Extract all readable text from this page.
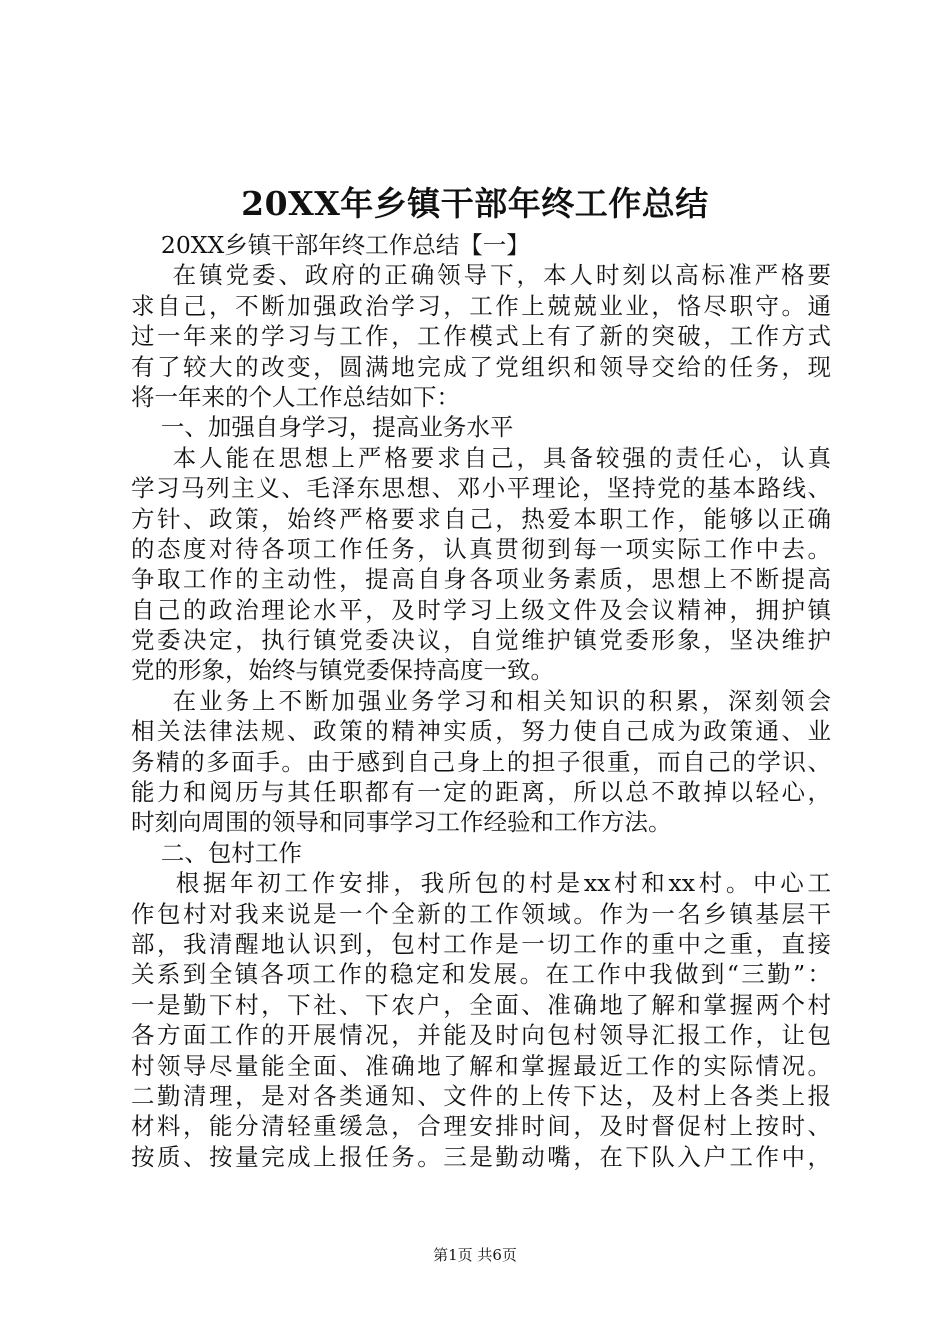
20XX年乡镇干部年终工作总结
20XX乡镇干部年终工作总结【一】
在镇党委、政府的正确领导下，本人时刻以高标准严格要
求自己，不断加强政治学习，工作上兢兢业业，恪尽职守。通
过一年来的学习与工作，工作模式上有了新的突破，工作方式
有了较大的改变，圆满地完成了党组织和领导交给的任务，现
将一年来的个人工作总结如下：
一、加强自身学习，提高业务水平
本人能在思想上严格要求自己，具备较强的责任心，认真
学习马列主义、毛泽东思想、邓小平理论，坚持党的基本路线、
方针、政策，始终严格要求自己，热爱本职工作，能够以正确
的态度对待各项工作任务，认真贯彻到每一项实际工作中去。
争取工作的主动性，提高自身各项业务素质，思想上不断提高
自己的政治理论水平，及时学习上级文件及会议精神，拥护镇
党委决定，执行镇党委决议，自觉维护镇党委形象，坚决维护
党的形象，始终与镇党委保持高度一致。
在业务上不断加强业务学习和相关知识的积累，深刻领会
相关法律法规、政策的精神实质，努力使自己成为政策通、业
务精的多面手。由于感到自己身上的担子很重，而自己的学识、
能力和阅历与其任职都有一定的距离，所以总不敢掉以轻心，
时刻向周围的领导和同事学习工作经验和工作方法。
二、包村工作
根据年初工作安排，我所包的村是xx村和xx村。中心工
作包村对我来说是一个全新的工作领域。作为一名乡镇基层干
部，我清醒地认识到，包村工作是一切工作的重中之重，直接
关系到全镇各项工作的稳定和发展。在工作中我做到“三勤”：
一是勤下村，下社、下农户，全面、准确地了解和掌握两个村
各方面工作的开展情况，并能及时向包村领导汇报工作，让包
村领导尽量能全面、准确地了解和掌握最近工作的实际情况。
二勤清理，是对各类通知、文件的上传下达，及村上各类上报
材料，能分清轻重缓急，合理安排时间，及时督促村上按时、
按质、按量完成上报任务。三是勤动嘴，在下队入户工作中，
第1页 共6页
